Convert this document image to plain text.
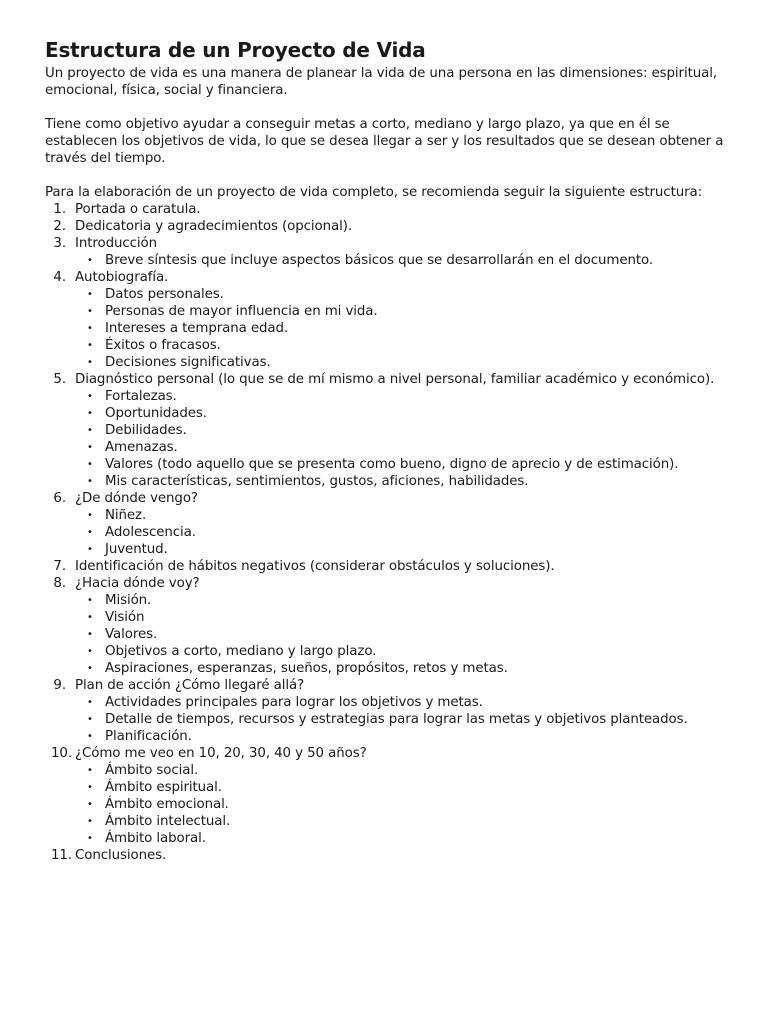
Estructura de un Proyecto de Vida

Un proyecto de vida es una manera de planear la vida de una persona en las dimensiones: espiritual, emocional, física, social y financiera.

Tiene como objetivo ayudar a conseguir metas a corto, mediano y largo plazo, ya que en él se establecen los objetivos de vida, lo que se desea llegar a ser y los resultados que se desean obtener a través del tiempo.

Para la elaboración de un proyecto de vida completo, se recomienda seguir la siguiente estructura:

1. Portada o caratula.
2. Dedicatoria y agradecimientos (opcional).
3. Introducción
• Breve síntesis que incluye aspectos básicos que se desarrollarán en el documento.
4. Autobiografía.
• Datos personales.
• Personas de mayor influencia en mi vida.
• Intereses a temprana edad.
• Éxitos o fracasos.
• Decisiones significativas.
5. Diagnóstico personal (lo que se de mí mismo a nivel personal, familiar académico y económico).
• Fortalezas.
• Oportunidades.
• Debilidades.
• Amenazas.
• Valores (todo aquello que se presenta como bueno, digno de aprecio y de estimación).
• Mis características, sentimientos, gustos, aficiones, habilidades.
6. ¿De dónde vengo?
• Niñez.
• Adolescencia.
• Juventud.
7. Identificación de hábitos negativos (considerar obstáculos y soluciones).
8. ¿Hacia dónde voy?
• Misión.
• Visión
• Valores.
• Objetivos a corto, mediano y largo plazo.
• Aspiraciones, esperanzas, sueños, propósitos, retos y metas.
9. Plan de acción ¿Cómo llegaré allá?
• Actividades principales para lograr los objetivos y metas.
• Detalle de tiempos, recursos y estrategias para lograr las metas y objetivos planteados.
• Planificación.
10. ¿Cómo me veo en 10, 20, 30, 40 y 50 años?
• Ámbito social.
• Ámbito espiritual.
• Ámbito emocional.
• Ámbito intelectual.
• Ámbito laboral.
11. Conclusiones.
